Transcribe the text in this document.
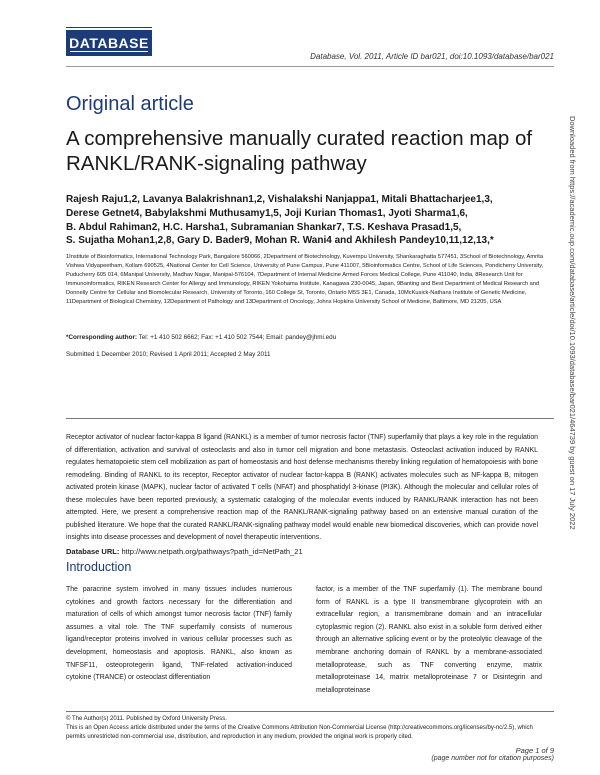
DATABASE
Database, Vol. 2011, Article ID bar021, doi:10.1093/database/bar021
Original article
A comprehensive manually curated reaction map of RANKL/RANK-signaling pathway
Rajesh Raju1,2, Lavanya Balakrishnan1,2, Vishalakshi Nanjappa1, Mitali Bhattacharjee1,3,
Derese Getnet4, Babylakshmi Muthusamy1,5, Joji Kurian Thomas1, Jyoti Sharma1,6,
B. Abdul Rahiman2, H.C. Harsha1, Subramanian Shankar7, T.S. Keshava Prasad1,5,
S. Sujatha Mohan1,2,8, Gary D. Bader9, Mohan R. Wani4 and Akhilesh Pandey10,11,12,13,*
1Institute of Bioinformatics, International Technology Park, Bangalore 560066, 2Department of Biotechnology, Kuvempu University, Shankaraghatta 577451, 3School of Biotechnology, Amrita Vishwa Vidyapeetham, Kollam 690525, 4National Center for Cell Science, University of Pune Campus, Pune 411007, 5Bioinformatics Centre, School of Life Sciences, Pondicherry University, Puducherry 605 014, 6Manipal University, Madhav Nagar, Manipal-576104, 7Department of Internal Medicine Armed Forces Medical College, Pune 411040, India, 8Research Unit for Immunoinformatics, RIKEN Research Center for Allergy and Immunology, RIKEN Yokohama Institute, Kanagawa 230-0045, Japan, 9Banting and Best Department of Medical Research and Donnelly Centre for Cellular and Biomolecular Research, University of Toronto, 160 College St, Toronto, Ontario M5S 3E1, Canada, 10McKusick-Nathans Institute of Genetic Medicine, 11Department of Biological Chemistry, 12Department of Pathology and 13Department of Oncology, Johns Hopkins University School of Medicine, Baltimore, MD 21205, USA
*Corresponding author: Tel: +1 410 502 6662; Fax: +1 410 502 7544; Email: pandey@jhmi.edu
Submitted 1 December 2010; Revised 1 April 2011; Accepted 2 May 2011
Receptor activator of nuclear factor-kappa B ligand (RANKL) is a member of tumor necrosis factor (TNF) superfamily that plays a key role in the regulation of differentiation, activation and survival of osteoclasts and also in tumor cell migration and bone metastasis. Osteoclast activation induced by RANKL regulates hematopoietic stem cell mobilization as part of homeostasis and host defense mechanisms thereby linking regulation of hematopoiesis with bone remodeling. Binding of RANKL to its receptor, Receptor activator of nuclear factor-kappa B (RANK) activates molecules such as NF-kappa B, mitogen activated protein kinase (MAPK), nuclear factor of activated T cells (NFAT) and phosphatidyl 3-kinase (PI3K). Although the molecular and cellular roles of these molecules have been reported previously, a systematic cataloging of the molecular events induced by RANKL/RANK interaction has not been attempted. Here, we present a comprehensive reaction map of the RANKL/RANK-signaling pathway based on an extensive manual curation of the published literature. We hope that the curated RANKL/RANK-signaling pathway model would enable new biomedical discoveries, which can provide novel insights into disease processes and development of novel therapeutic interventions.
Database URL: http://www.netpath.org/pathways?path_id=NetPath_21
Introduction
The paracrine system involved in many tissues includes numerous cytokines and growth factors necessary for the differentiation and maturation of cells of which amongst tumor necrosis factor (TNF) family assumes a vital role. The TNF superfamily consists of numerous ligand/receptor proteins involved in various cellular processes such as development, homeostasis and apoptosis. RANKL, also known as TNFSF11, osteoprotegerin ligand, TNF-related activation-induced cytokine (TRANCE) or osteoclast differentiation
factor, is a member of the TNF superfamily (1). The membrane bound form of RANKL is a type II transmembrane glycoprotein with an extracellular region, a transmembrane domain and an intracellular cytoplasmic region (2). RANKL also exist in a soluble form derived either through an alternative splicing event or by the proteolytic cleavage of the membrane anchoring domain of RANKL by a membrane-associated metalloprotease, such as TNF converting enzyme, matrix metalloproteinase 14, matrix metalloproteinase 7 or Disintegrin and metalloproteinase
© The Author(s) 2011. Published by Oxford University Press.
This is an Open Access article distributed under the terms of the Creative Commons Attribution Non-Commercial License (http://creativecommons.org/licenses/by-nc/2.5), which permits unrestricted non-commercial use, distribution, and reproduction in any medium, provided the original work is properly cited.
Page 1 of 9
(page number not for citation purposes)
Downloaded from https://academic.oup.com/database/article/doi/10.1093/database/bar021/464739 by guest on 17 July 2022
